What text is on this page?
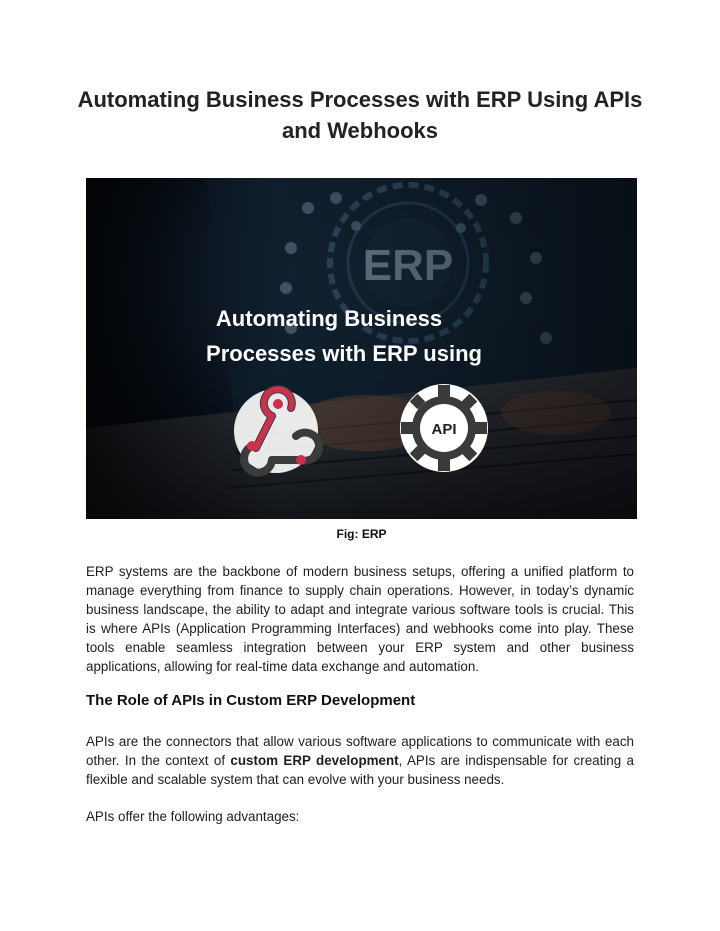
Automating Business Processes with ERP Using APIs and Webhooks
Automating Business
Processes with ERP using
API
Fig: ERP

ERP systems are the backbone of modern business setups, offering a unified platform to manage everything from finance to supply chain operations. However, in today’s dynamic business landscape, the ability to adapt and integrate various software tools is crucial. This is where APIs (Application Programming Interfaces) and webhooks come into play. These tools enable seamless integration between your ERP system and other business applications, allowing for real-time data exchange and automation.

The Role of APIs in Custom ERP Development

APIs are the connectors that allow various software applications to communicate with each other. In the context of custom ERP development, APIs are indispensable for creating a flexible and scalable system that can evolve with your business needs.

APIs offer the following advantages:
